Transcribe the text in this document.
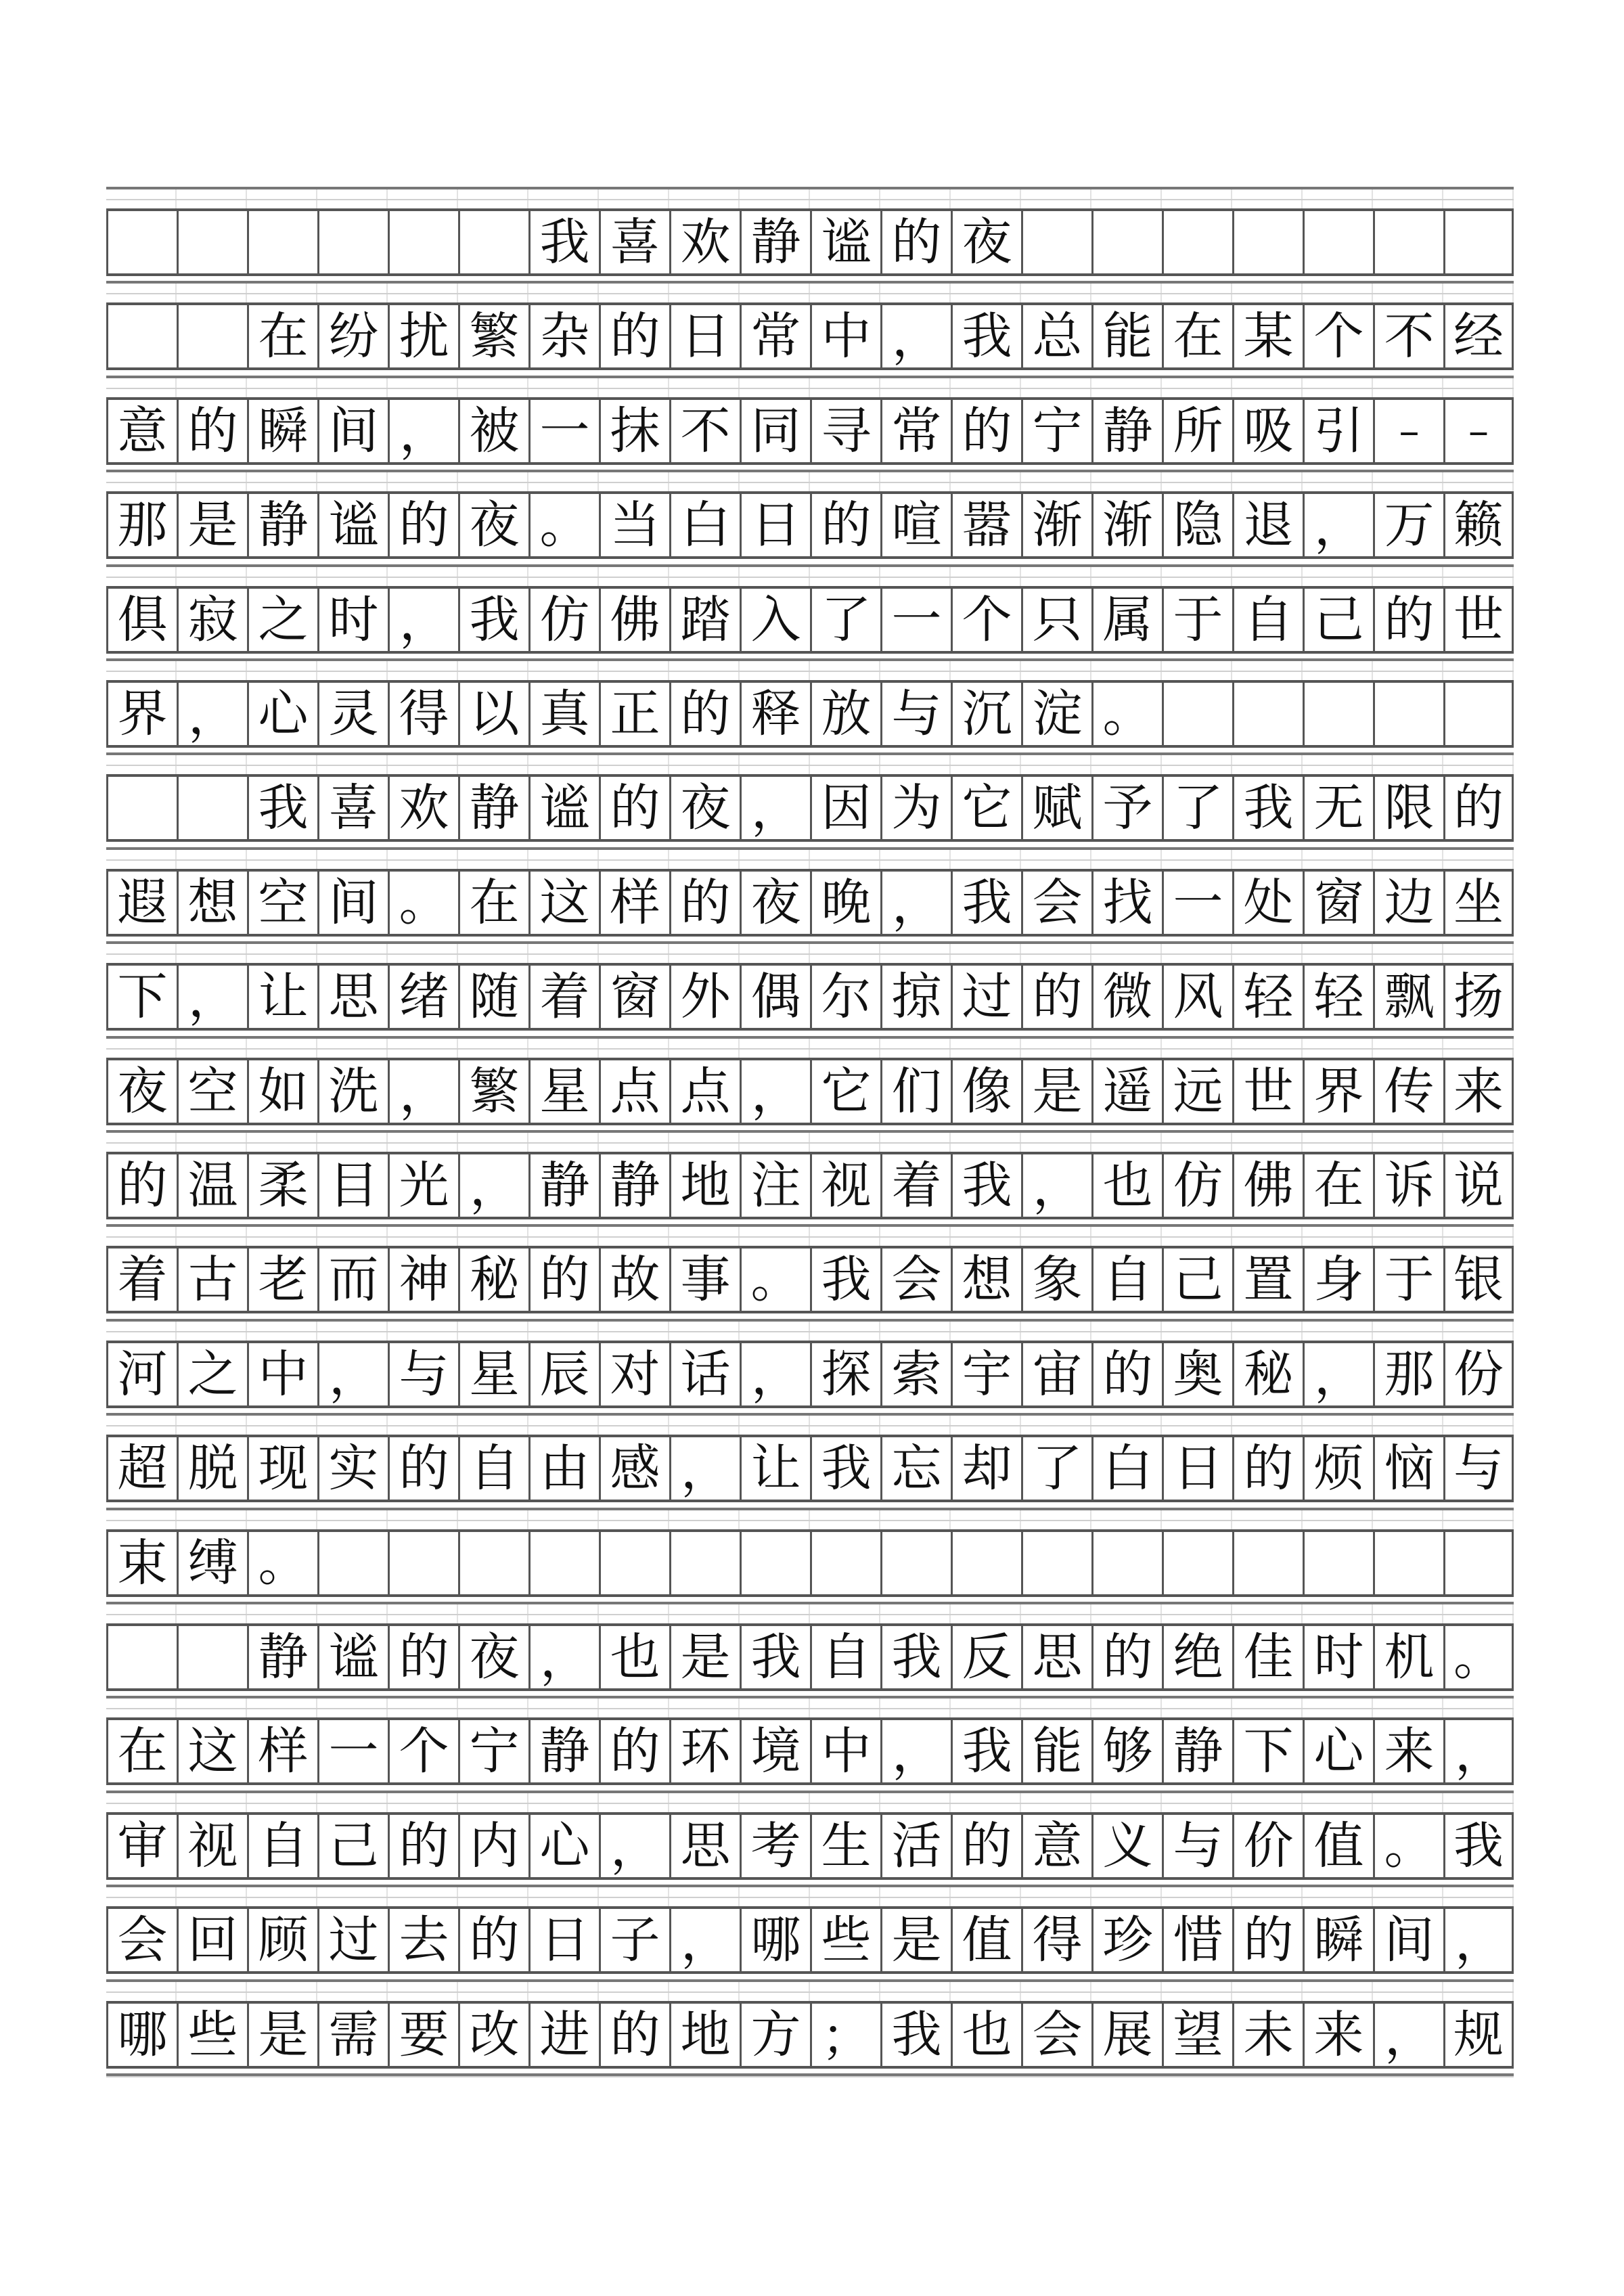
我 喜 欢 静 谧 的 夜
在 纷 扰 繁 杂 的 日 常 中 ， 我 总 能 在 某 个 不 经
意 的 瞬 间 ， 被 一 抹 不 同 寻 常 的 宁 静 所 吸 引 –	–
那 是 静 谧 的 夜 。 当 白 日 的 喧 嚣 渐 渐 隐 退 ， 万 籁
俱 寂 之 时 ， 我 仿 佛 踏 入 了 一 个 只 属 于 自 己 的 世
界 ， 心 灵 得 以 真 正 的 释 放 与 沉 淀 。
我 喜 欢 静 谧 的 夜 ， 因 为 它 赋 予 了 我 无 限 的
遐 想 空 间 。 在 这 样 的 夜 晚 ， 我 会 找 一 处 窗 边 坐
下 ， 让 思 绪 随 着 窗 外 偶 尔 掠 过 的 微 风 轻 轻 飘 扬
夜 空 如 洗 ， 繁 星 点 点 ， 它 们 像 是 遥 远 世 界 传 来
的 温 柔 目 光 ， 静 静 地 注 视 着 我 ， 也 仿 佛 在 诉 说
着 古 老 而 神 秘 的 故 事 。 我 会 想 象 自 己 置 身 于 银
河 之 中 ， 与 星 辰 对 话 ， 探 索 宇 宙 的 奥 秘 ， 那 份
超 脱 现 实 的 自 由 感 ， 让 我 忘 却 了 白 日 的 烦 恼 与
束 缚 。
静 谧 的 夜 ， 也 是 我 自 我 反 思 的 绝 佳 时 机 。
在 这 样 一 个 宁 静 的 环 境 中 ， 我 能 够 静 下 心 来 ，
审 视 自 己 的 内 心 ， 思 考 生 活 的 意 义 与 价 值 。 我
会 回 顾 过 去 的 日 子 ， 哪 些 是 值 得 珍 惜 的 瞬 间 ，
哪 些 是 需 要 改 进 的 地 方 ； 我 也 会 展 望 未 来 ， 规
